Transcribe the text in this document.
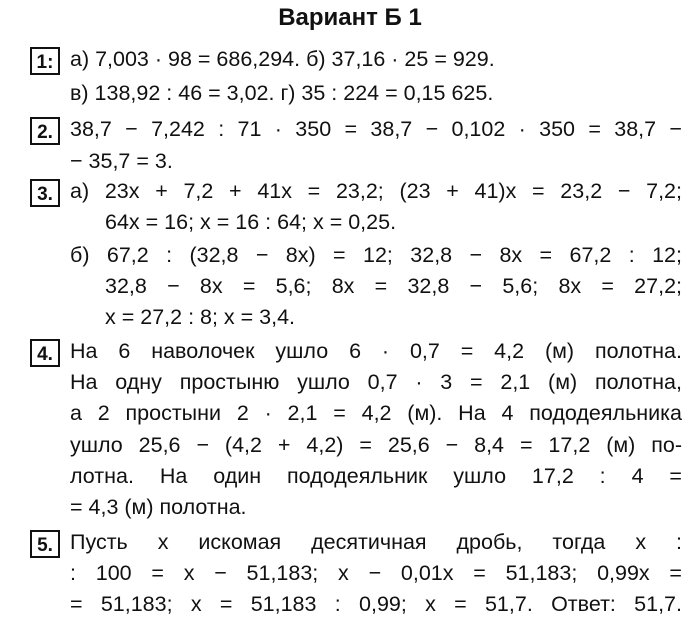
Вариант Б 1
1: а) 7,003 · 98 = 686,294. б) 37,16 · 25 = 929.
в) 138,92 : 46 = 3,02. г) 35 : 224 = 0,15 625.
2. 38,7 − 7,242 : 71 · 350 = 38,7 − 0,102 · 350 = 38,7 −
− 35,7 = 3.
3. а) 23x + 7,2 + 41x = 23,2; (23 + 41)x = 23,2 − 7,2;
64x = 16; x = 16 : 64; x = 0,25.
б) 67,2 : (32,8 − 8x) = 12; 32,8 − 8x = 67,2 : 12;
32,8 − 8x = 5,6; 8x = 32,8 − 5,6; 8x = 27,2;
x = 27,2 : 8; x = 3,4.
4. На 6 наволочек ушло 6 · 0,7 = 4,2 (м) полотна.
На одну простыню ушло 0,7 · 3 = 2,1 (м) полотна,
а 2 простыни 2 · 2,1 = 4,2 (м). На 4 пододеяльника
ушло 25,6 − (4,2 + 4,2) = 25,6 − 8,4 = 17,2 (м) по-
лотна. На один пододеяльник ушло 17,2 : 4 =
= 4,3 (м) полотна.
5. Пусть x искомая десятичная дробь, тогда x :
: 100 = x − 51,183; x − 0,01x = 51,183; 0,99x =
= 51,183; x = 51,183 : 0,99; x = 51,7. Ответ: 51,7.
